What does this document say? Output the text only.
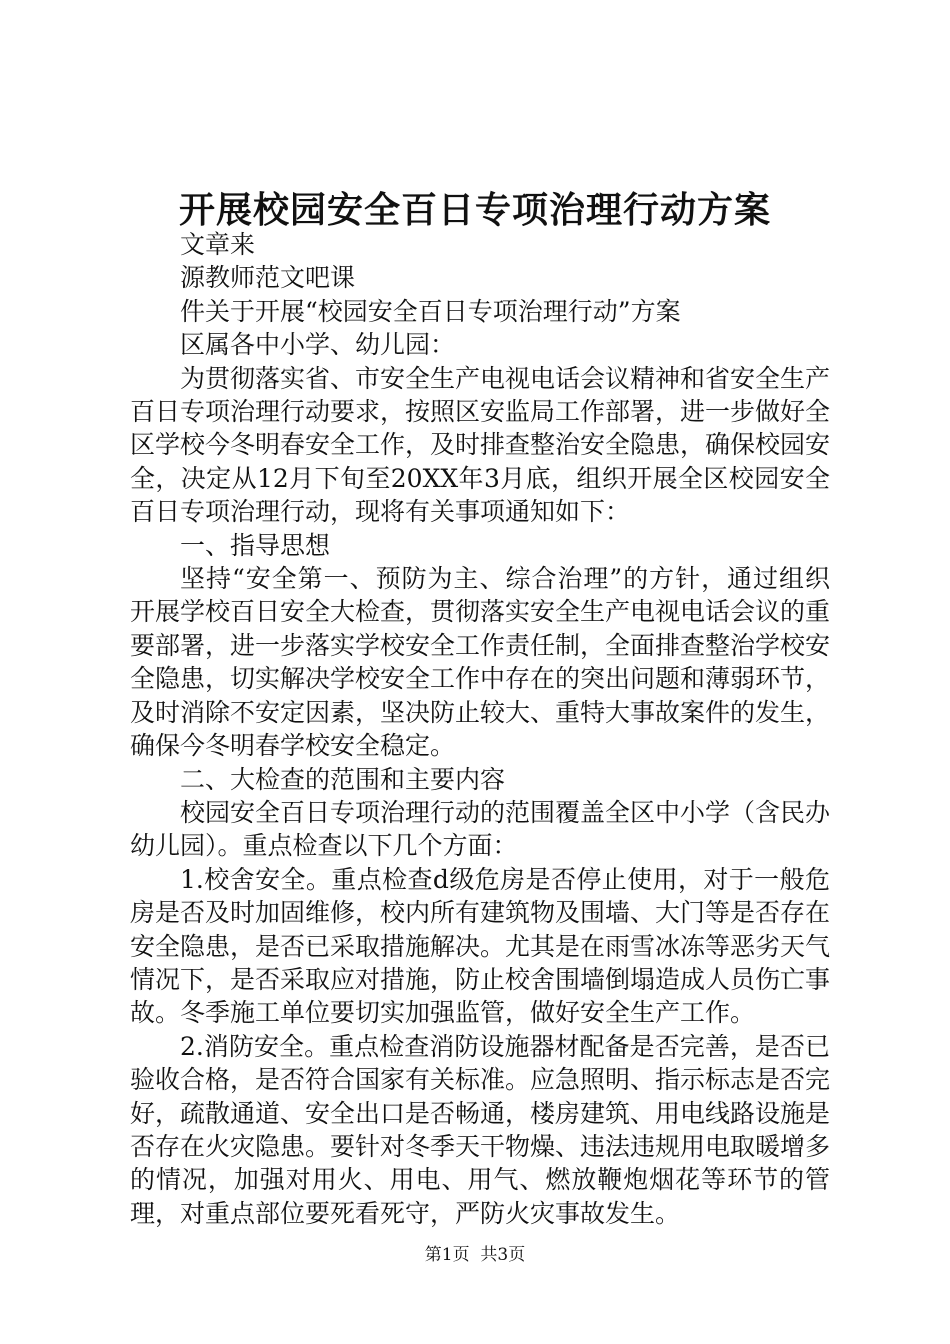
开展校园安全百日专项治理行动方案

文章来

源教师范文吧课

件关于开展“校园安全百日专项治理行动”方案

区属各中小学、幼儿园：

为贯彻落实省、市安全生产电视电话会议精神和省安全生产百日专项治理行动要求，按照区安监局工作部署，进一步做好全区学校今冬明春安全工作，及时排查整治安全隐患，确保校园安全，决定从12月下旬至20XX年3月底，组织开展全区校园安全百日专项治理行动，现将有关事项通知如下：

一、指导思想

坚持“安全第一、预防为主、综合治理”的方针，通过组织开展学校百日安全大检查，贯彻落实安全生产电视电话会议的重要部署，进一步落实学校安全工作责任制，全面排查整治学校安全隐患，切实解决学校安全工作中存在的突出问题和薄弱环节，及时消除不安定因素，坚决防止较大、重特大事故案件的发生，确保今冬明春学校安全稳定。

二、大检查的范围和主要内容

校园安全百日专项治理行动的范围覆盖全区中小学（含民办幼儿园）。重点检查以下几个方面：

1.校舍安全。重点检查d级危房是否停止使用，对于一般危房是否及时加固维修，校内所有建筑物及围墙、大门等是否存在安全隐患，是否已采取措施解决。尤其是在雨雪冰冻等恶劣天气情况下，是否采取应对措施，防止校舍围墙倒塌造成人员伤亡事故。冬季施工单位要切实加强监管，做好安全生产工作。

2.消防安全。重点检查消防设施器材配备是否完善，是否已验收合格，是否符合国家有关标准。应急照明、指示标志是否完好，疏散通道、安全出口是否畅通，楼房建筑、用电线路设施是否存在火灾隐患。要针对冬季天干物燥、违法违规用电取暖增多的情况，加强对用火、用电、用气、燃放鞭炮烟花等环节的管理，对重点部位要死看死守，严防火灾事故发生。

第1页 共3页
